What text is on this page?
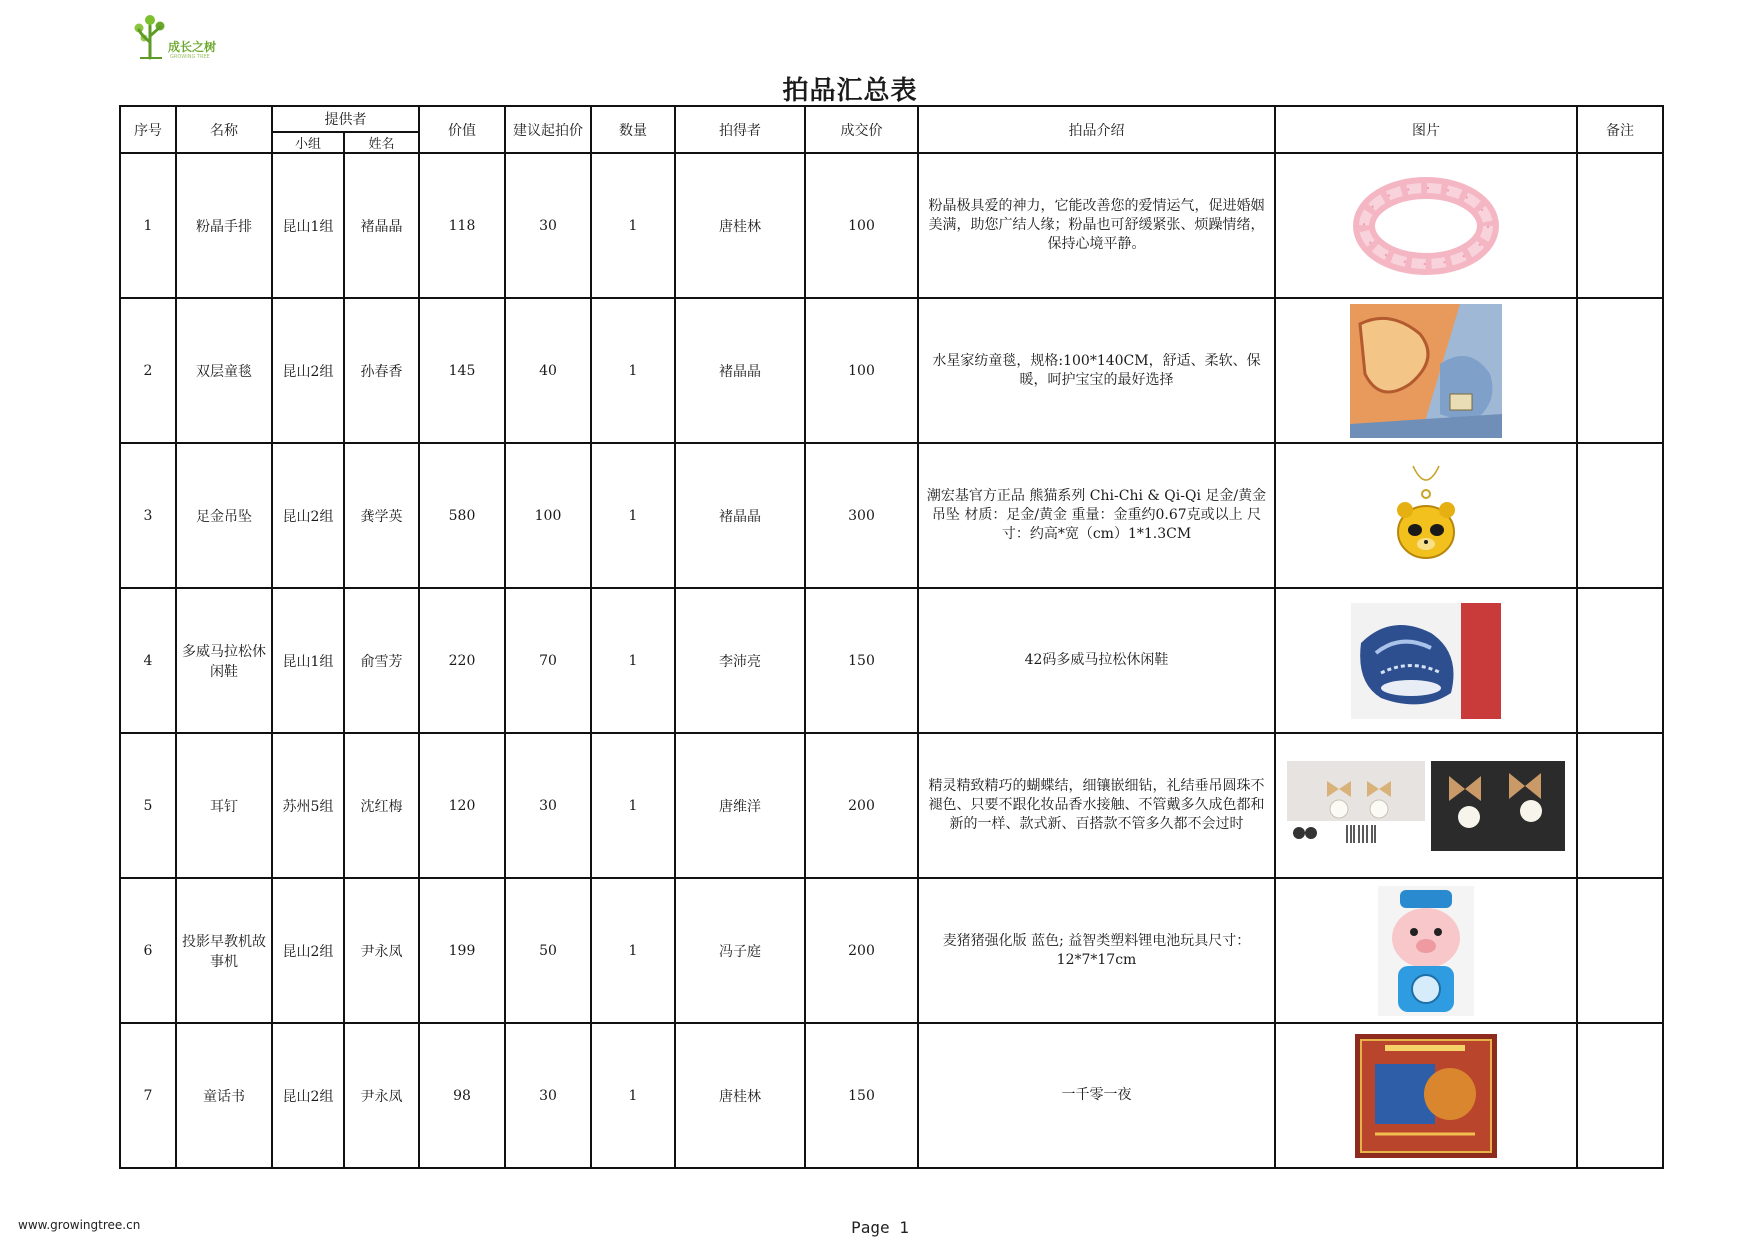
成长之树
GROWING TREE
拍品汇总表
序号	名称	提供者		价值	建议起拍价	数量	拍得者	成交价	拍品介绍	图片	备注
		小组	姓名								
1	粉晶手排	昆山1组	褚晶晶	118	30	1	唐桂林	100	粉晶极具爱的神力，它能改善您的爱情运气，促进婚姻美满，助您广结人缘；粉晶也可舒缓紧张、烦躁情绪，保持心境平静。	

2	双层童毯	昆山2组	孙春香	145	40	1	褚晶晶	100	水星家纺童毯，规格:100*140CM，舒适、柔软、保暖，呵护宝宝的最好选择	

3	足金吊坠	昆山2组	龚学英	580	100	1	褚晶晶	300	潮宏基官方正品 熊猫系列 Chi-Chi & Qi-Qi 足金/黄金吊坠 材质：足金/黄金 重量：金重约0.67克或以上 尺寸：约高*宽（cm）1*1.3CM	

4	多威马拉松休闲鞋	昆山1组	俞雪芳	220	70	1	李沛亮	150	42码多威马拉松休闲鞋	

5	耳钉	苏州5组	沈红梅	120	30	1	唐维洋	200	精灵精致精巧的蝴蝶结，细镶嵌细钻，礼结垂吊圆珠不褪色、只要不跟化妆品香水接触、不管戴多久成色都和新的一样、款式新、百搭款不管多久都不会过时	

6	投影早教机故事机	昆山2组	尹永凤	199	50	1	冯子庭	200	麦猪猪强化版 蓝色; 益智类塑料锂电池玩具尺寸：12*7*17cm	

7	童话书	昆山2组	尹永凤	98	30	1	唐桂林	150	一千零一夜	

www.growingtree.cn	Page 1
